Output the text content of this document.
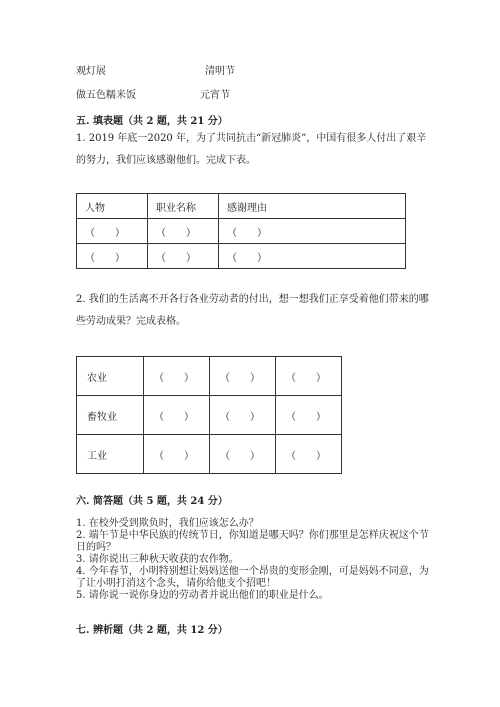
观灯展	清明节
做五色糯米饭	元宵节
五. 填表题（共 2 题，共 21 分）
1. 2019 年底一2020 年，为了共同抗击“新冠肺炎”，中国有很多人付出了艰辛的努力，我们应该感谢他们。完成下表。
人物	职业名称	感谢理由
（　　）	（　　）	（　　）
（　　）	（　　）	（　　）
2. 我们的生活离不开各行各业劳动者的付出，想一想我们正享受着他们带来的哪些劳动成果？完成表格。
农业	（　　）	（　　）	（　　）
畜牧业	（　　）	（　　）	（　　）
工业	（　　）	（　　）	（　　）
六. 简答题（共 5 题，共 24 分）
1. 在校外受到欺负时，我们应该怎么办？
2. 端午节是中华民族的传统节日，你知道是哪天吗？你们那里是怎样庆祝这个节日的吗？
3. 请你说出三种秋天收获的农作物。
4. 今年春节，小明特别想让妈妈送他一个昂贵的变形金刚，可是妈妈不同意，为了让小明打消这个念头，请你给他支个招吧！
5. 请你说一说你身边的劳动者并说出他们的职业是什么。
七. 辨析题（共 2 题，共 12 分）
